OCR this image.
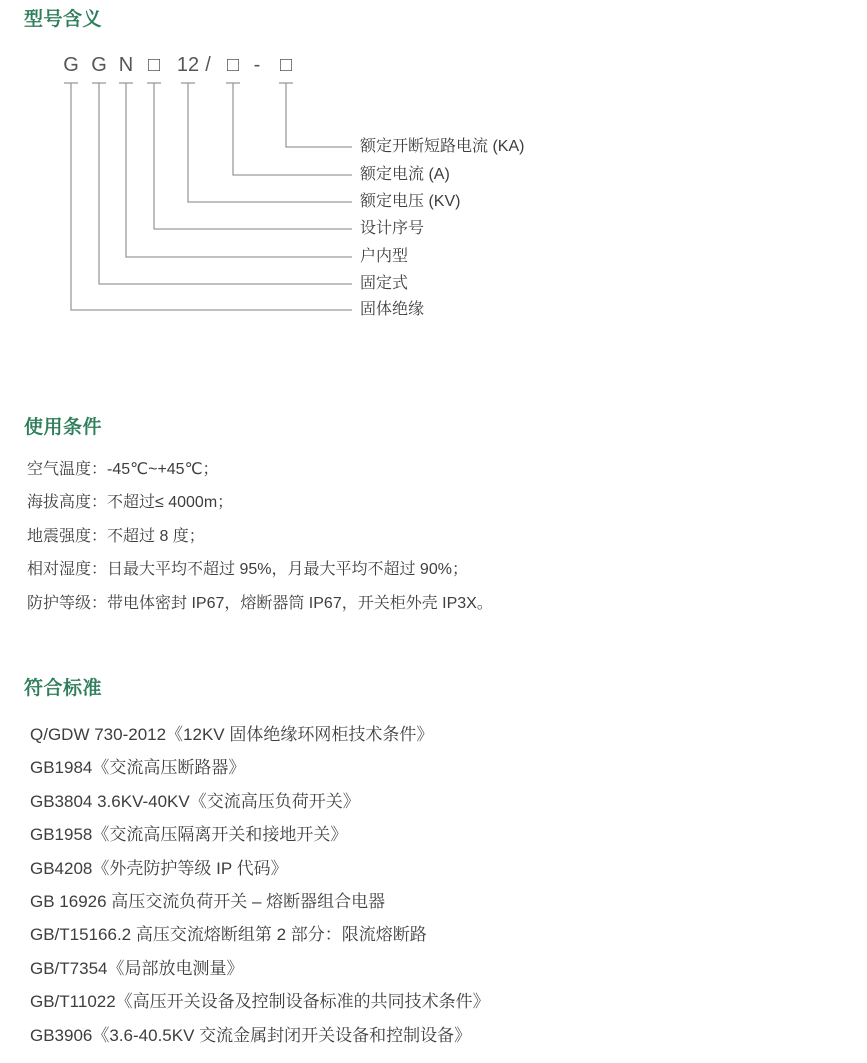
型号含义
G G N □ 12 / □ - □
额定开断短路电流 (KA)
额定电流 (A)
额定电压 (KV)
设计序号
户内型
固定式
固体绝缘
使用条件
空气温度：-45℃~+45℃；
海拔高度：不超过≤ 4000m；
地震强度：不超过 8 度；
相对湿度：日最大平均不超过 95%，月最大平均不超过 90%；
防护等级：带电体密封 IP67，熔断器筒 IP67，开关柜外壳 IP3X。
符合标准
Q/GDW 730-2012《12KV 固体绝缘环网柜技术条件》
GB1984《交流高压断路器》
GB3804 3.6KV-40KV《交流高压负荷开关》
GB1958《交流高压隔离开关和接地开关》
GB4208《外壳防护等级 IP 代码》
GB 16926 高压交流负荷开关 – 熔断器组合电器
GB/T15166.2 高压交流熔断组第 2 部分：限流熔断路
GB/T7354《局部放电测量》
GB/T11022《高压开关设备及控制设备标准的共同技术条件》
GB3906《3.6-40.5KV 交流金属封闭开关设备和控制设备》
